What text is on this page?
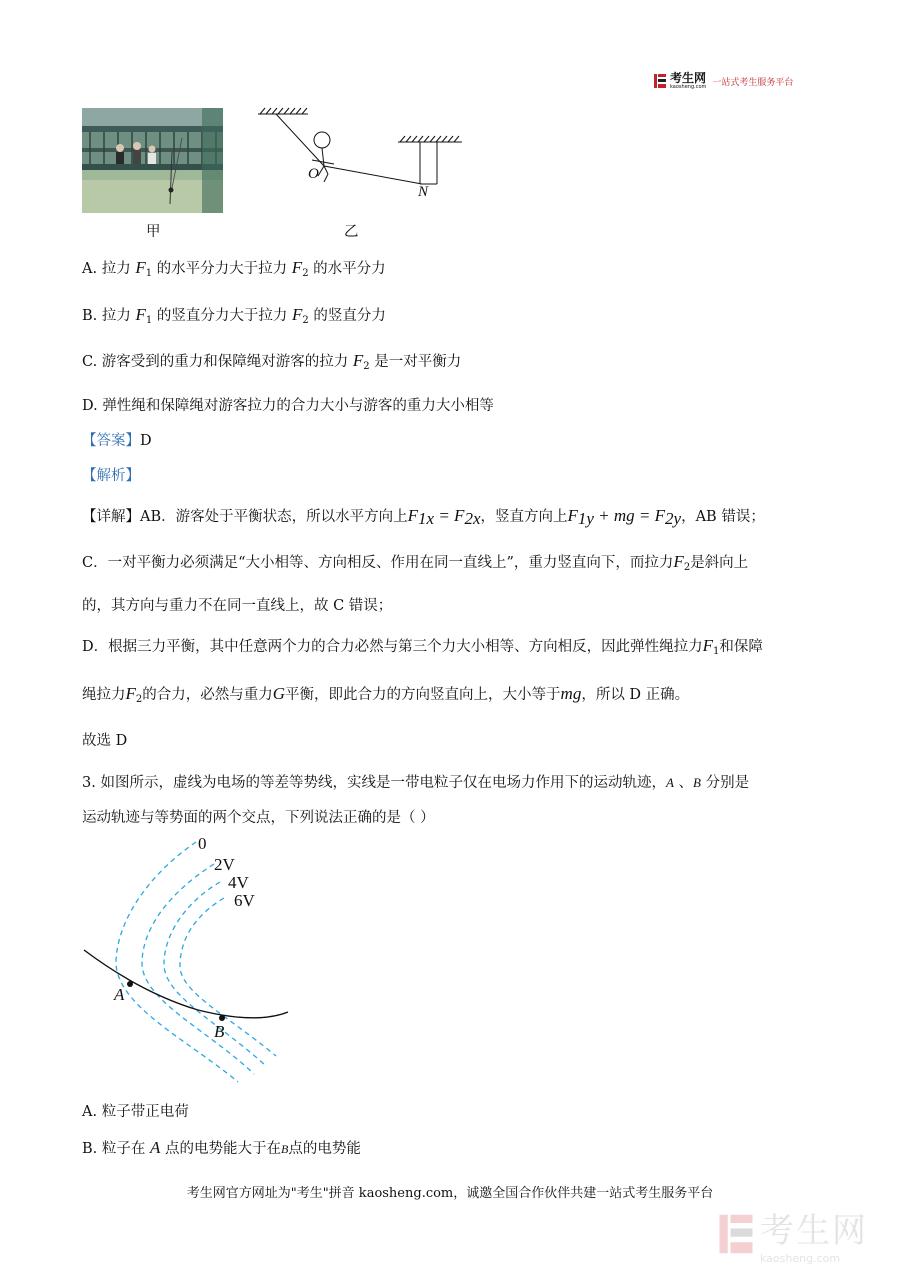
考生网
kaosheng.com 一站式考生服务平台
O
N
甲	乙
A. 拉力 $F_1$ 的水平分力大于拉力 $F_2$ 的水平分力
B. 拉力 $F_1$ 的竖直分力大于拉力 $F_2$ 的竖直分力
C. 游客受到的重力和保障绳对游客的拉力 $F_2$ 是一对平衡力
D. 弹性绳和保障绳对游客拉力的合力大小与游客的重力大小相等
【答案】D
【解析】
【详解】AB．游客处于平衡状态，所以水平方向上$F_{1x} = F_{2x}$，竖直方向上$F_{1y}$ + mg = $F_{2y}$，AB 错误；
C．一对平衡力必须满足“大小相等、方向相反、作用在同一直线上”，重力竖直向下，而拉力$F_2$是斜向上
的，其方向与重力不在同一直线上，故 C 错误；
D．根据三力平衡，其中任意两个力的合力必然与第三个力大小相等、方向相反，因此弹性绳拉力$F_1$和保障
绳拉力$F_2$的合力，必然与重力G平衡，即此合力的方向竖直向上，大小等于mg，所以 D 正确。
故选 D
3. 如图所示，虚线为电场的等差等势线，实线是一带电粒子仅在电场力作用下的运动轨迹，A 、B 分别是
运动轨迹与等势面的两个交点，下列说法正确的是（ ）
0
2V
4V
6V
A
B
A. 粒子带正电荷
B. 粒子在 A 点的电势能大于在B点的电势能
考生网官方网址为"考生"拼音 kaosheng.com，诚邀全国合作伙伴共建一站式考生服务平台
考生网
kaosheng.com
